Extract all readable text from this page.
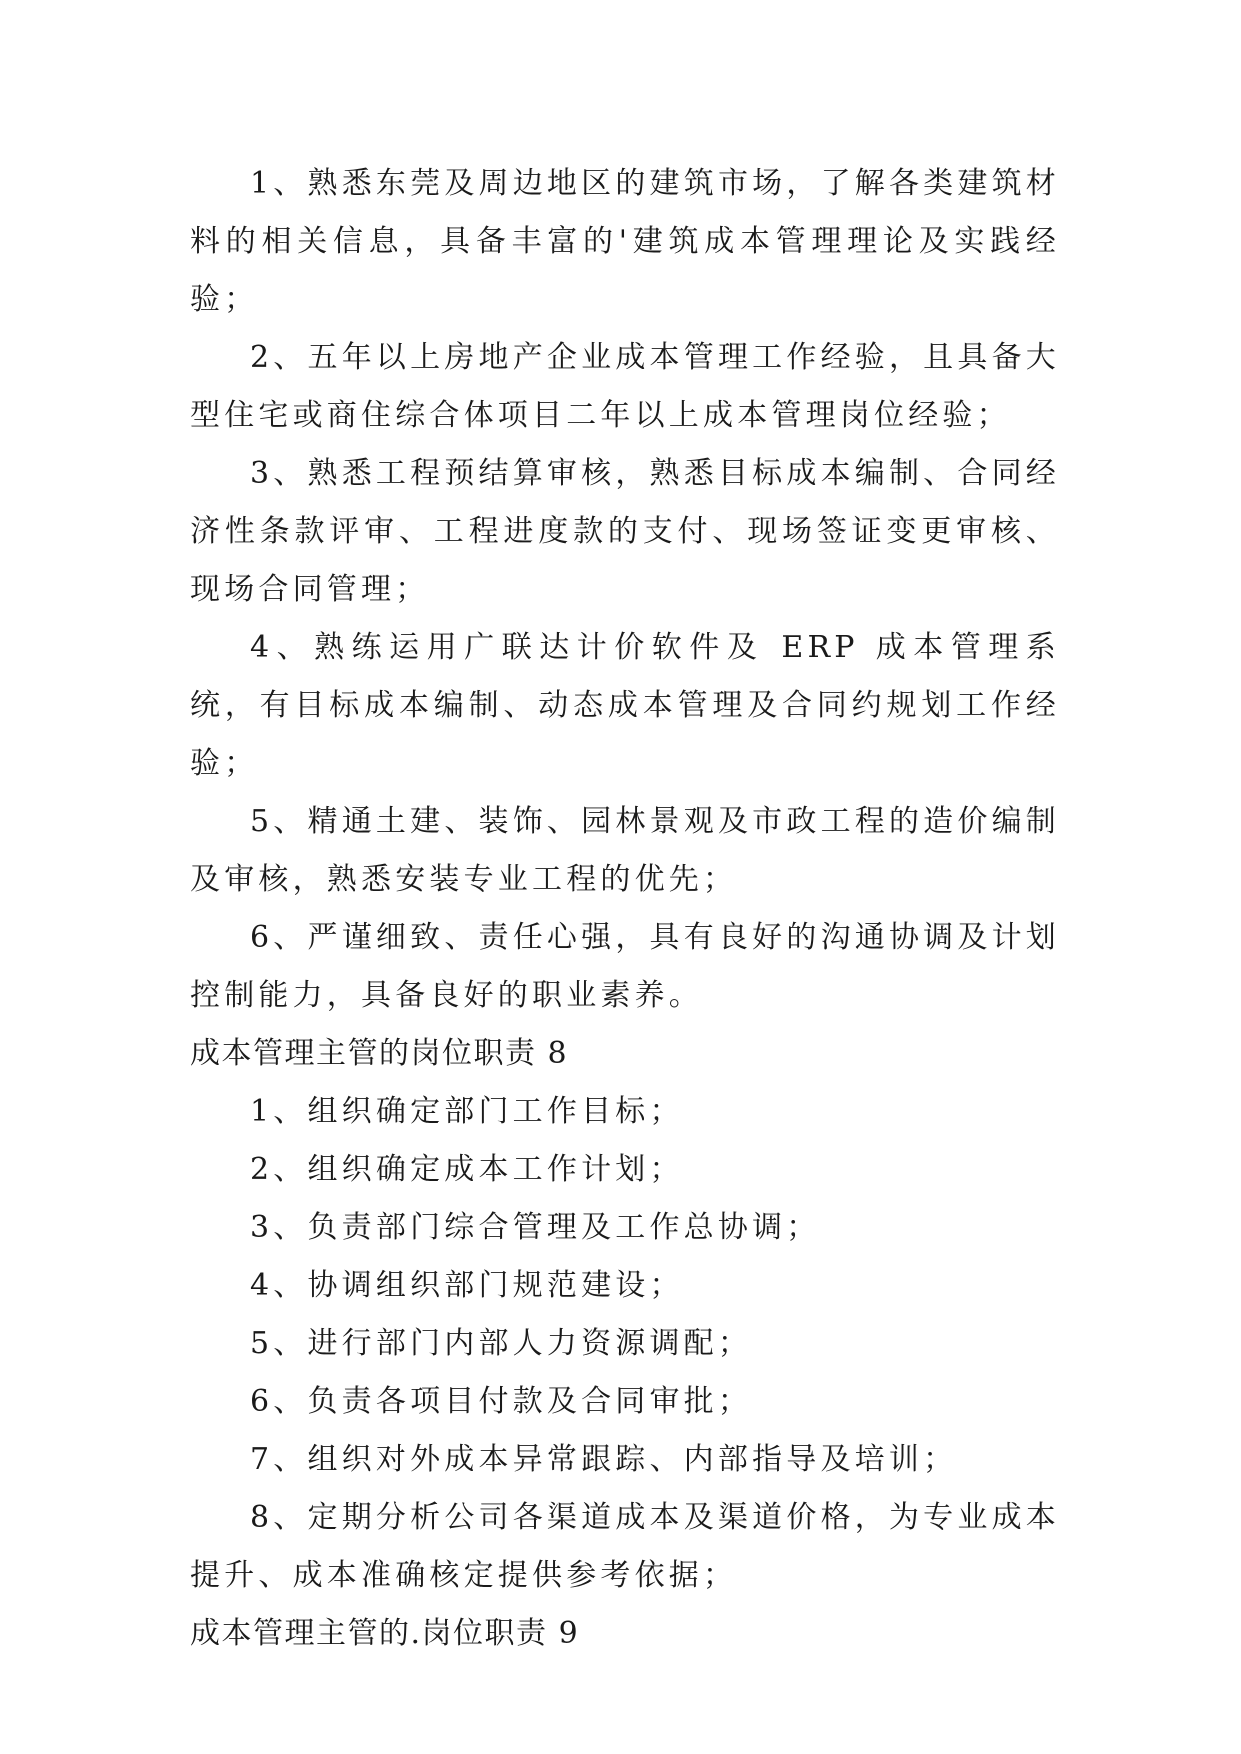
1、熟悉东莞及周边地区的建筑市场，了解各类建筑材料的相关信息，具备丰富的'建筑成本管理理论及实践经验；

2、五年以上房地产企业成本管理工作经验，且具备大型住宅或商住综合体项目二年以上成本管理岗位经验；

3、熟悉工程预结算审核，熟悉目标成本编制、合同经济性条款评审、工程进度款的支付、现场签证变更审核、现场合同管理；

4、熟练运用广联达计价软件及 ERP 成本管理系统，有目标成本编制、动态成本管理及合同约规划工作经验；

5、精通土建、装饰、园林景观及市政工程的造价编制及审核，熟悉安装专业工程的优先；

6、严谨细致、责任心强，具有良好的沟通协调及计划控制能力，具备良好的职业素养。

成本管理主管的岗位职责 8

1、组织确定部门工作目标；

2、组织确定成本工作计划；

3、负责部门综合管理及工作总协调；

4、协调组织部门规范建设；

5、进行部门内部人力资源调配；

6、负责各项目付款及合同审批；

7、组织对外成本异常跟踪、内部指导及培训；

8、定期分析公司各渠道成本及渠道价格，为专业成本提升、成本准确核定提供参考依据；

成本管理主管的.岗位职责 9
